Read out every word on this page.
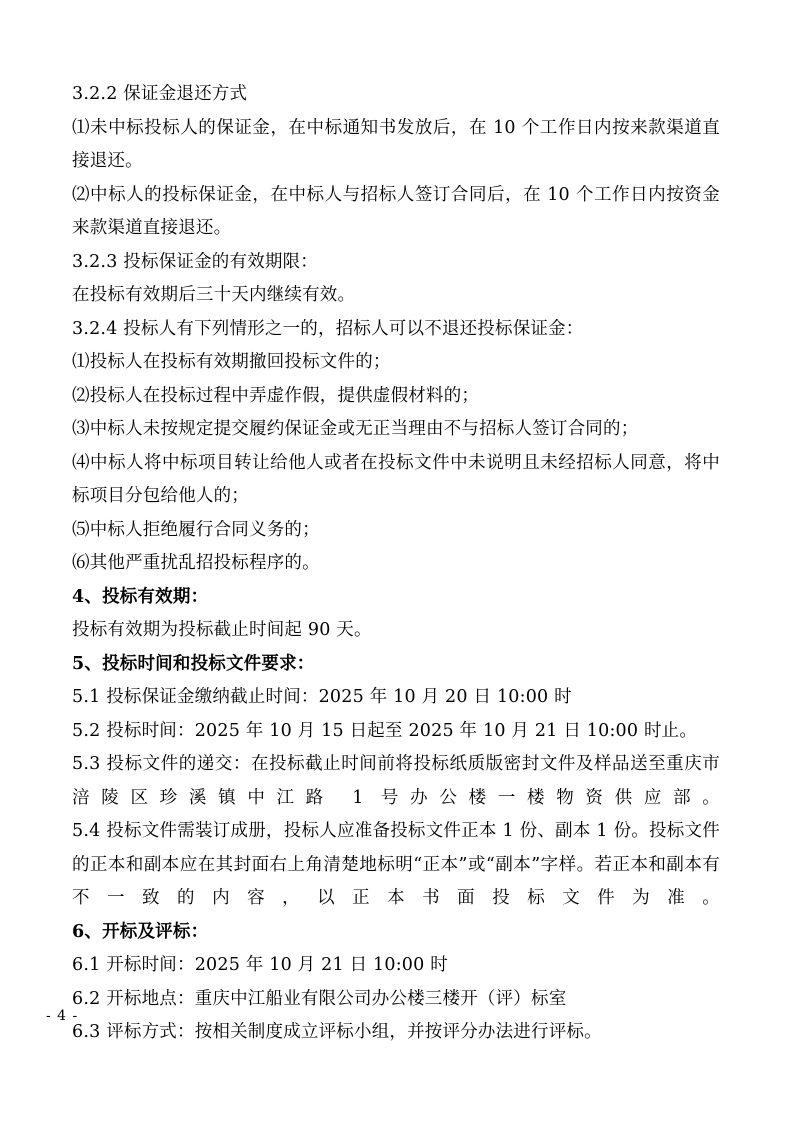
3.2.2 保证金退还方式

⑴未中标投标人的保证金，在中标通知书发放后，在 10 个工作日内按来款渠道直接退还。

⑵中标人的投标保证金，在中标人与招标人签订合同后，在 10 个工作日内按资金来款渠道直接退还。

3.2.3 投标保证金的有效期限：

在投标有效期后三十天内继续有效。

3.2.4 投标人有下列情形之一的，招标人可以不退还投标保证金：

⑴投标人在投标有效期撤回投标文件的；

⑵投标人在投标过程中弄虚作假，提供虚假材料的；

⑶中标人未按规定提交履约保证金或无正当理由不与招标人签订合同的；

⑷中标人将中标项目转让给他人或者在投标文件中未说明且未经招标人同意，将中标项目分包给他人的；

⑸中标人拒绝履行合同义务的；

⑹其他严重扰乱招投标程序的。

4、投标有效期：

投标有效期为投标截止时间起 90 天。

5、投标时间和投标文件要求：

5.1 投标保证金缴纳截止时间：2025 年 10 月 20 日 10:00 时

5.2 投标时间：2025 年 10 月 15 日起至 2025 年 10 月 21 日 10:00 时止。

5.3 投标文件的递交：在投标截止时间前将投标纸质版密封文件及样品送至重庆市涪陵区珍溪镇中江路 1 号办公楼一楼物资供应部。

5.4 投标文件需装订成册，投标人应准备投标文件正本 1 份、副本 1 份。投标文件的正本和副本应在其封面右上角清楚地标明“正本”或“副本”字样。若正本和副本有不一致的内容，以正本书面投标文件为准。

6、开标及评标：

6.1 开标时间：2025 年 10 月 21 日 10:00 时

6.2 开标地点：重庆中江船业有限公司办公楼三楼开（评）标室

6.3 评标方式：按相关制度成立评标小组，并按评分办法进行评标。

- 4 -
